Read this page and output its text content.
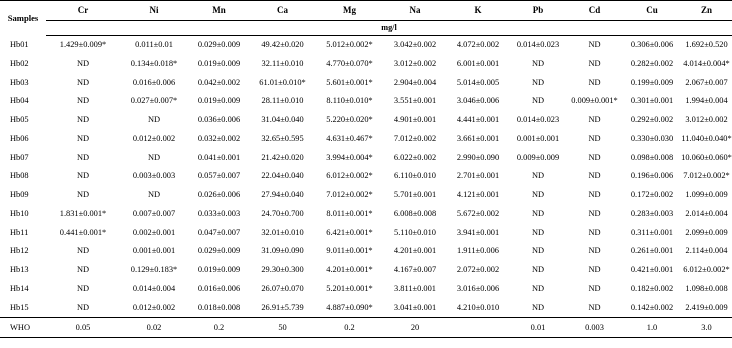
Samples	Cr	Ni	Mn	Ca	Mg	Na	K	Pb	Cd	Cu	Zn
	mg/l										
Hb01	1.429±0.009*	0.011±0.01	0.029±0.009	49.42±0.020	5.012±0.002*	3.042±0.002	4.072±0.002	0.014±0.023	ND	0.306±0.006	1.692±0.520
Hb02	ND	0.134±0.018*	0.019±0.009	32.11±0.010	4.770±0.070*	3.012±0.002	6.001±0.001	ND	ND	0.282±0.002	4.014±0.004*
Hb03	ND	0.016±0.006	0.042±0.002	61.01±0.010*	5.601±0.001*	2.904±0.004	5.014±0.005	ND	ND	0.199±0.009	2.067±0.007
Hb04	ND	0.027±0.007*	0.019±0.009	28.11±0.010	8.110±0.010*	3.551±0.001	3.046±0.006	ND	0.009±0.001*	0.301±0.001	1.994±0.004
Hb05	ND	ND	0.036±0.006	31.04±0.040	5.220±0.020*	4.901±0.001	4.441±0.001	0.014±0.023	ND	0.292±0.002	3.012±0.002
Hb06	ND	0.012±0.002	0.032±0.002	32.65±0.595	4.631±0.467*	7.012±0.002	3.661±0.001	0.001±0.001	ND	0.330±0.030	11.040±0.040*
Hb07	ND	ND	0.041±0.001	21.42±0.020	3.994±0.004*	6.022±0.002	2.990±0.090	0.009±0.009	ND	0.098±0.008	10.060±0.060*
Hb08	ND	0.003±0.003	0.057±0.007	22.04±0.040	6.012±0.002*	6.110±0.010	2.701±0.001	ND	ND	0.196±0.006	7.012±0.002*
Hb09	ND	ND	0.026±0.006	27.94±0.040	7.012±0.002*	5.701±0.001	4.121±0.001	ND	ND	0.172±0.002	1.099±0.009
Hb10	1.831±0.001*	0.007±0.007	0.033±0.003	24.70±0.700	8.011±0.001*	6.008±0.008	5.672±0.002	ND	ND	0.283±0.003	2.014±0.004
Hb11	0.441±0.001*	0.002±0.001	0.047±0.007	32.01±0.010	6.421±0.001*	5.110±0.010	3.941±0.001	ND	ND	0.311±0.001	2.099±0.009
Hb12	ND	0.001±0.001	0.029±0.009	31.09±0.090	9.011±0.001*	4.201±0.001	1.911±0.006	ND	ND	0.261±0.001	2.114±0.004
Hb13	ND	0.129±0.183*	0.019±0.009	29.30±0.300	4.201±0.001*	4.167±0.007	2.072±0.002	ND	ND	0.421±0.001	6.012±0.002*
Hb14	ND	0.014±0.004	0.016±0.006	26.07±0.070	5.201±0.001*	3.811±0.001	3.016±0.006	ND	ND	0.182±0.002	1.098±0.008
Hb15	ND	0.012±0.002	0.018±0.008	26.91±5.739	4.887±0.090*	3.041±0.001	4.210±0.010	ND	ND	0.142±0.002	2.419±0.009
WHO	0.05	0.02	0.2	50	0.2	20		0.01	0.003	1.0	3.0
